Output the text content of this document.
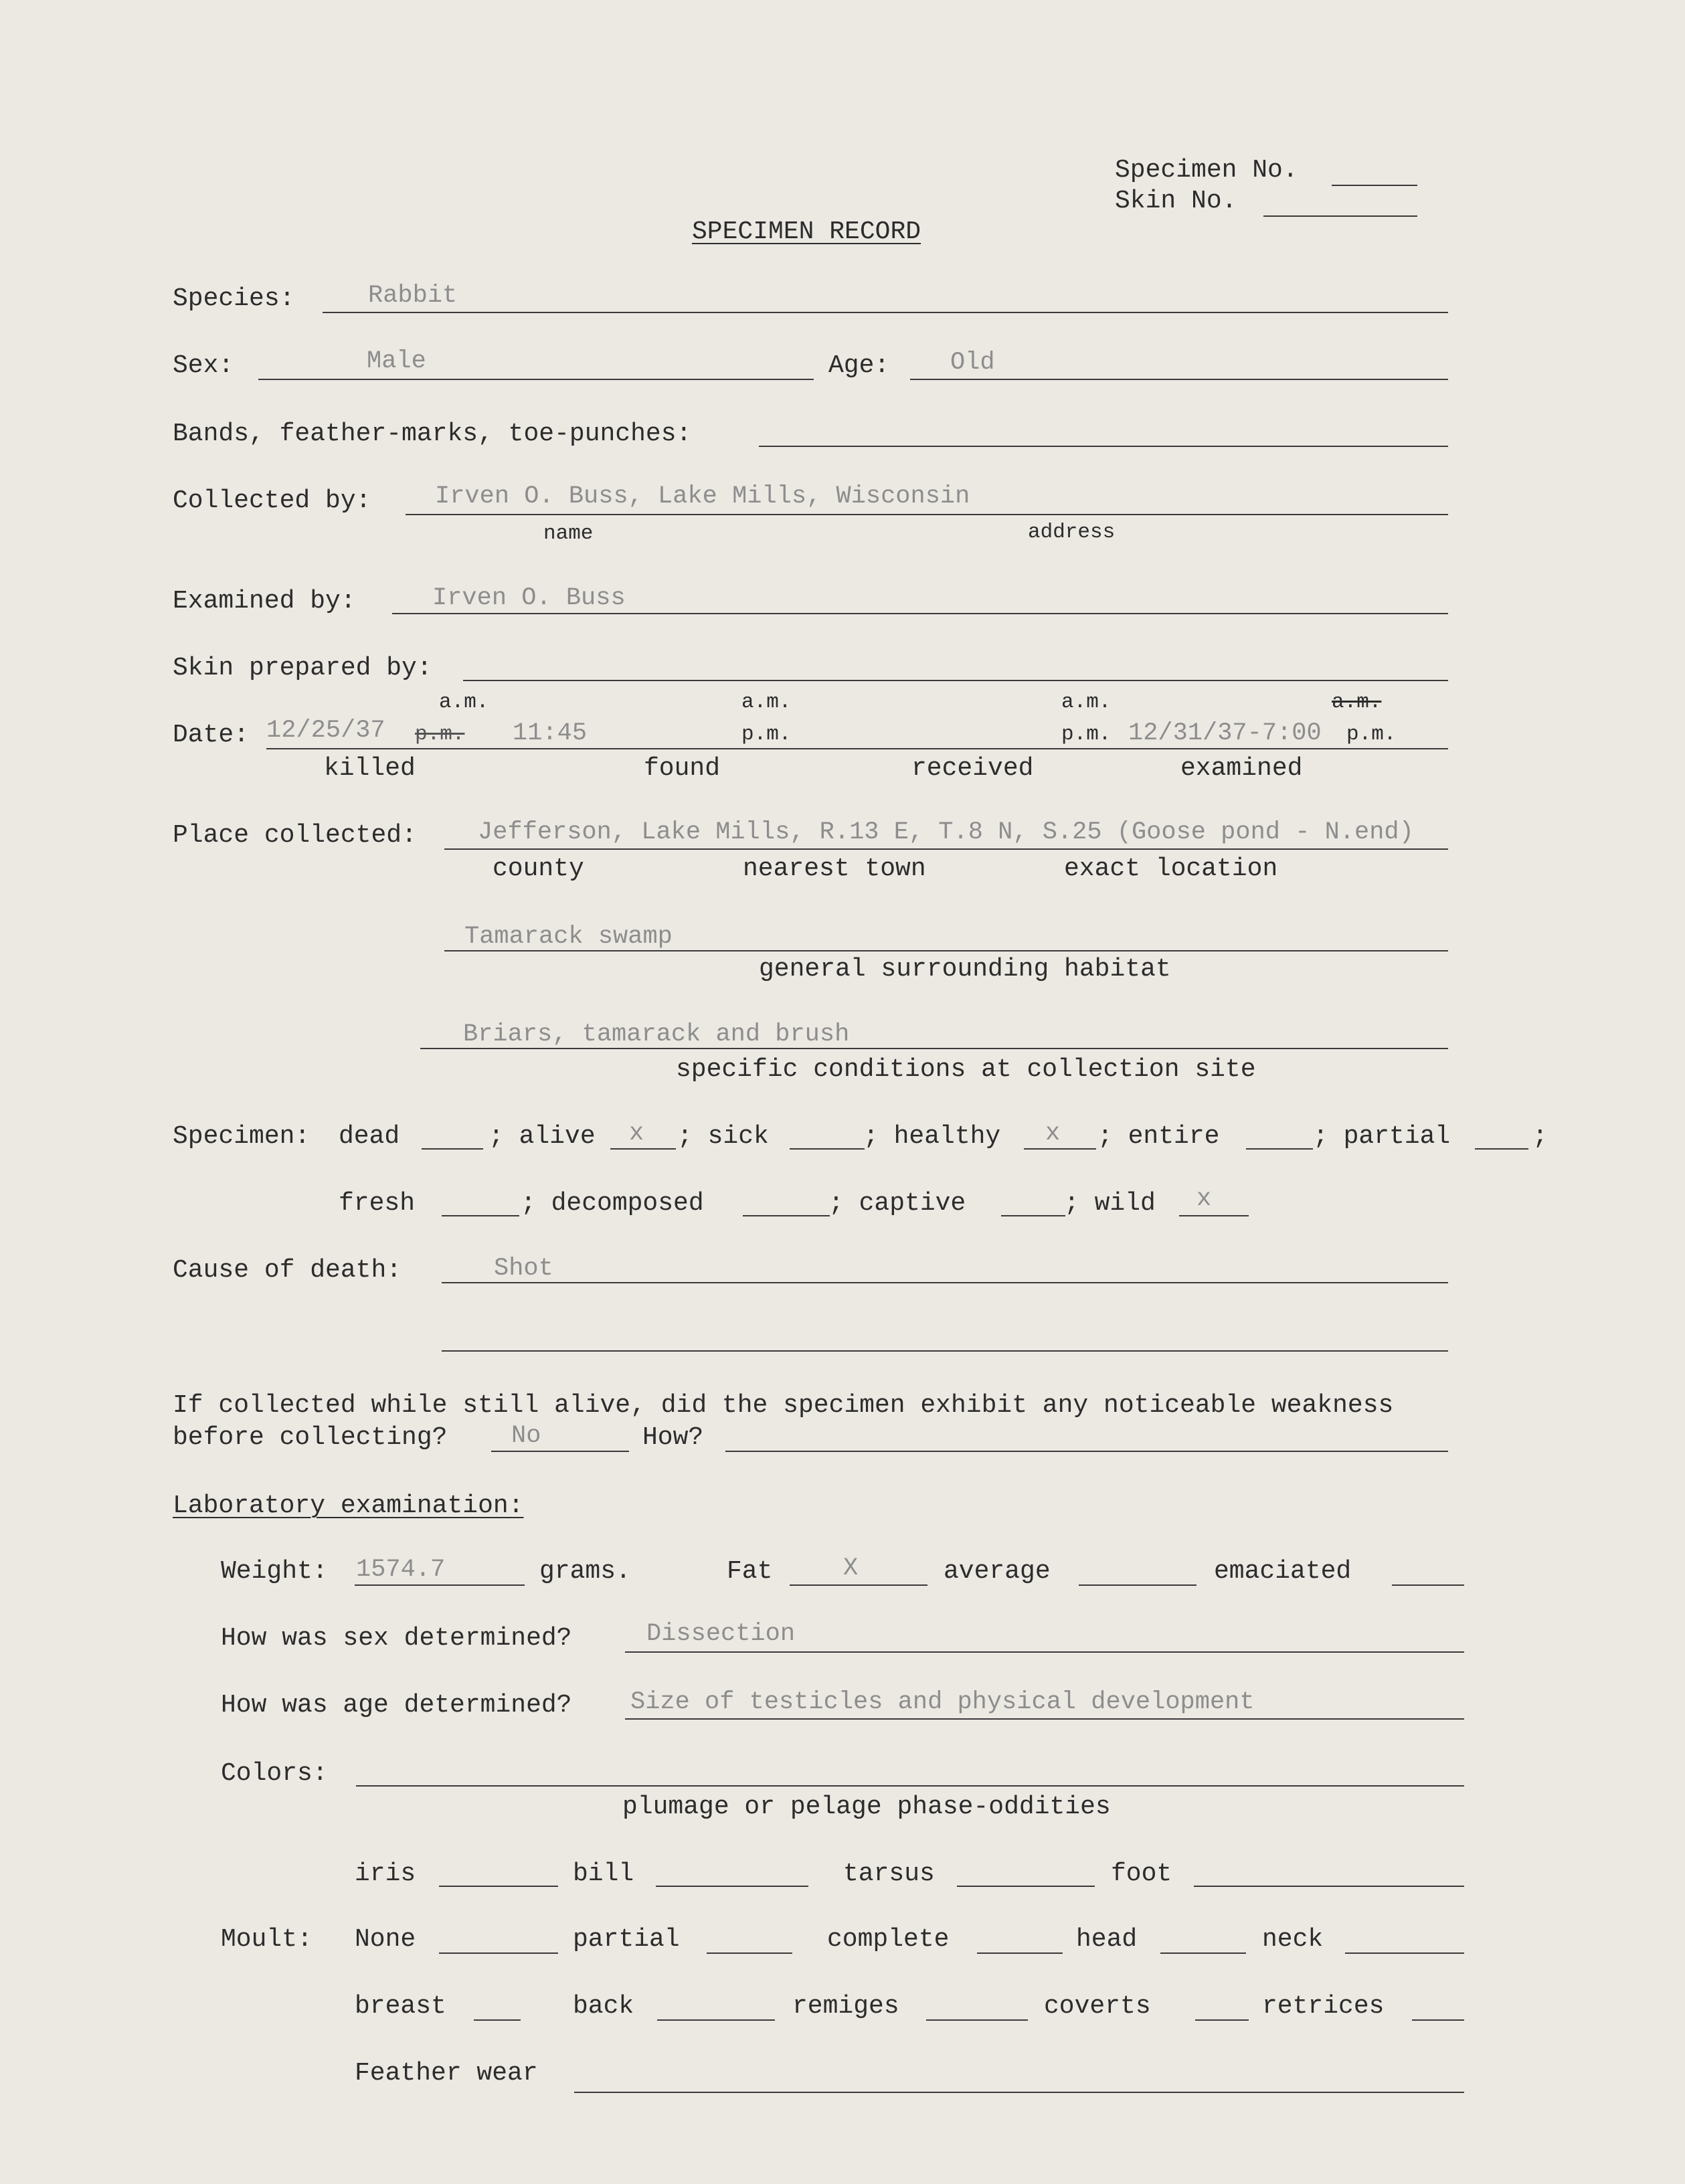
Specimen No.
Skin No.
SPECIMEN RECORD
Species:	Rabbit
Sex:	Male	Age: Old
Bands, feather-marks, toe-punches:
Collected by:	Irven O. Buss, Lake Mills, Wisconsin
name	address
Examined by:	Irven O. Buss
Skin prepared by:
a.m.	a.m.	a.m.	a.m.
Date: 12/25/37 p.m. 11:45	p.m.	p.m. 12/31/37-7:00 p.m.
killed	found	received	examined
Place collected: Jefferson, Lake Mills, R.13 E, T.8 N, S.25 (Goose pond - N.end)
county	nearest town	exact location
Tamarack swamp
general surrounding habitat
Briars, tamarack and brush
specific conditions at collection site
Specimen: dead	; alive x ; sick	; healthy x ; entire	; partial	;
fresh	; decomposed	; captive	; wild x
Cause of death:	Shot
If collected while still alive, did the specimen exhibit any noticeable weakness
before collecting?	No	How?
Laboratory examination:
Weight: 1574.7	grams.	Fat	X	average	emaciated
How was sex determined?	Dissection
How was age determined? Size of testicles and physical development
Colors:
plumage or pelage phase-oddities
iris	bill	tarsus	foot
Moult: None	partial	complete	head	neck
breast	back	remiges	coverts	retrices
Feather wear
